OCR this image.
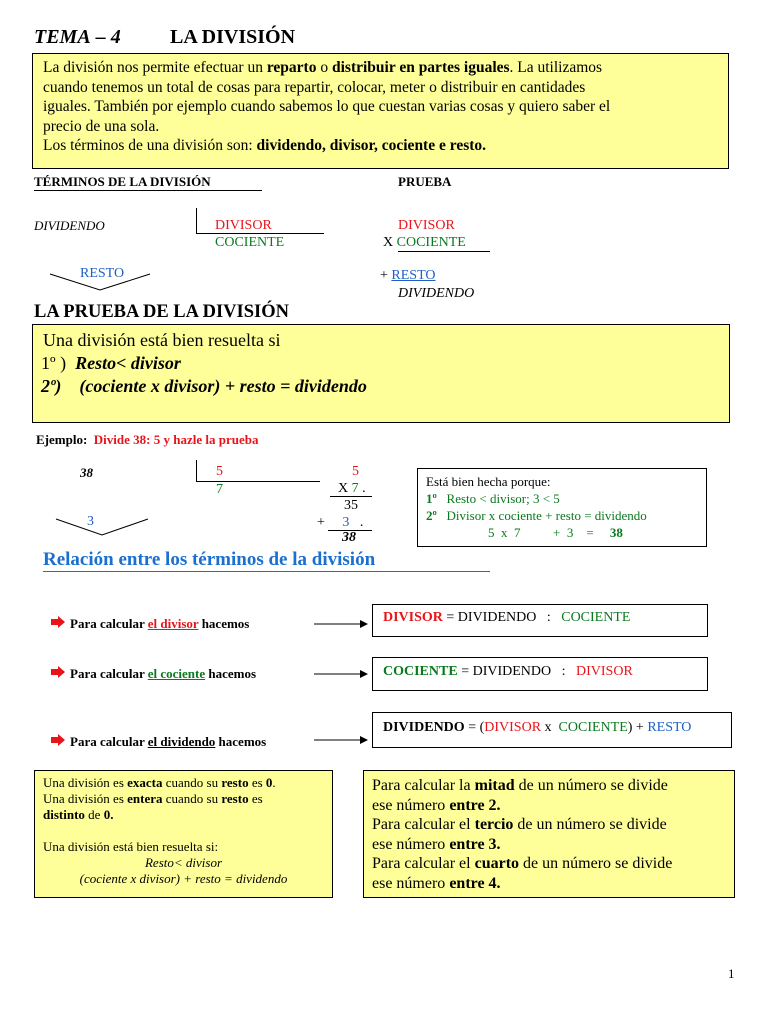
TEMA – 4 LA DIVISIÓN
La división nos permite efectuar un reparto o distribuir en partes iguales. La utilizamos
cuando tenemos un total de cosas para repartir, colocar, meter o distribuir en cantidades
iguales. También por ejemplo cuando sabemos lo que cuestan varias cosas y quiero saber el
precio de una sola.
Los términos de una división son: dividendo, divisor, cociente e resto.
TÉRMINOS DE LA DIVISIÓN	PRUEBA
DIVIDENDO	DIVISOR
COCIENTE
RESTO
DIVISOR
X COCIENTE
+ RESTO
DIVIDENDO
LA PRUEBA DE LA DIVISIÓN
Una división está bien resuelta si
1º ) Resto< divisor
2º) (cociente x divisor) + resto = dividendo
Ejemplo: Divide 38: 5 y hazle la prueba
38	5
7
3
5
X 7 .
35
+ 3 .
38
Está bien hecha porque:
1º Resto < divisor; 3 < 5
2º Divisor x cociente + resto = dividendo
5  x  7          +  3    = 38
Relación entre los términos de la división
Para calcular el divisor hacemos	DIVISOR = DIVIDENDO   :   COCIENTE
Para calcular el cociente hacemos	COCIENTE = DIVIDENDO   :   DIVISOR
Para calcular el dividendo hacemos
DIVIDENDO = (DIVISOR x  COCIENTE) + RESTO
Una división es exacta cuando su resto es 0.
Una división es entera cuando su resto es
distinto de 0.
Una división está bien resuelta si:
Resto< divisor
(cociente x divisor) + resto = dividendo
Para calcular la mitad de un número se divide
ese número entre 2.
Para calcular el tercio de un número se divide
ese número entre 3.
Para calcular el cuarto de un número se divide
ese número entre 4.
1
